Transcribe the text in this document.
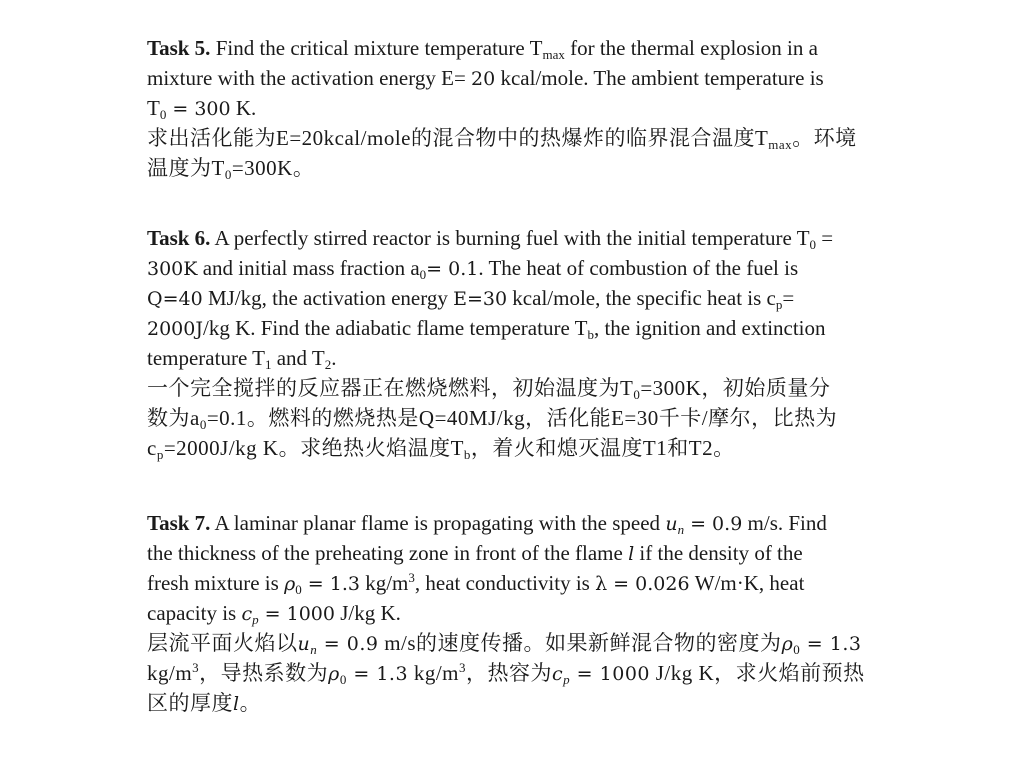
Task 5. Find the critical mixture temperature $T_{max}$ for the thermal explosion in a
mixture with the activation energy E= 20 kcal/mole. The ambient temperature is
$T_0 = 300$ K.
求出活化能为E=20kcal/mole的混合物中的热爆炸的临界混合温度$T_{max}$。环境
温度为$T_0=300K$。
Task 6. A perfectly stirred reactor is burning fuel with the initial temperature $T_0$ =
300K and initial mass fraction $a_0= 0.1$. The heat of combustion of the fuel is
Q=40 MJ/kg, the activation energy E=30 kcal/mole, the specific heat is $c_p=$
2000J/kg K. Find the adiabatic flame temperature $T_b$, the ignition and extinction
temperature $T_1$ and $T_2$.
一个完全搅拌的反应器正在燃烧燃料，初始温度为$T_0=300K$，初始质量分
数为$a_0=0.1$。燃料的燃烧热是Q=40MJ/kg，活化能E=30千卡/摩尔，比热为
$c_p=2000J/kg$ K。求绝热火焰温度$T_b$，着火和熄灭温度T1和T2。
Task 7. A laminar planar flame is propagating with the speed $u_n = 0.9$ m/s. Find
the thickness of the preheating zone in front of the flame l if the density of the
fresh mixture is $\rho_0 = 1.3$ $kg/m^3$, heat conductivity is λ = 0.026 W/m·K, heat
capacity is $c_p = 1000$ J/kg K.
层流平面火焰以$u_n = 0.9$ m/s的速度传播。如果新鲜混合物的密度为$\rho_0 = 1.3$
$kg/m^3$，导热系数为$\rho_0 = 1.3$ $kg/m^3$，热容为$c_p = 1000$ J/kg K，求火焰前预热
区的厚度l。
